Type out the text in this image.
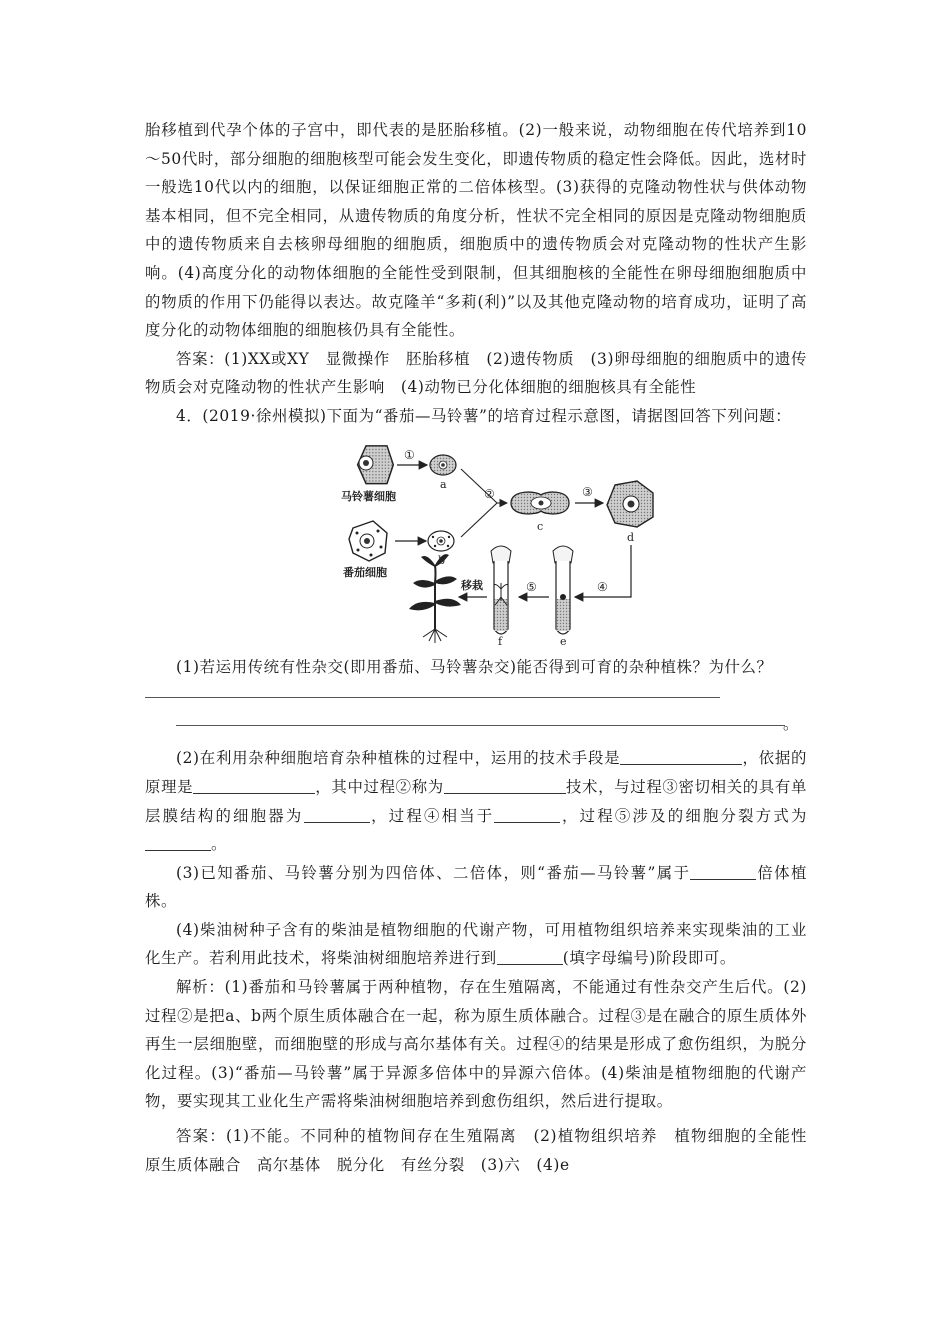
胎移植到代孕个体的子宫中，即代表的是胚胎移植。(2)一般来说，动物细胞在传代培养到10～50代时，部分细胞的细胞核型可能会发生变化，即遗传物质的稳定性会降低。因此，选材时一般选10代以内的细胞，以保证细胞正常的二倍体核型。(3)获得的克隆动物性状与供体动物基本相同，但不完全相同，从遗传物质的角度分析，性状不完全相同的原因是克隆动物细胞质中的遗传物质来自去核卵母细胞的细胞质，细胞质中的遗传物质会对克隆动物的性状产生影响。(4)高度分化的动物体细胞的全能性受到限制，但其细胞核的全能性在卵母细胞细胞质中的物质的作用下仍能得以表达。故克隆羊“多莉(利)”以及其他克隆动物的培育成功，证明了高度分化的动物体细胞的细胞核仍具有全能性。

答案：(1)XX或XY　显微操作　胚胎移植　(2)遗传物质　(3)卵母细胞的细胞质中的遗传物质会对克隆动物的性状产生影响　(4)动物已分化体细胞的细胞核具有全能性

4．(2019·徐州模拟)下面为“番茄—马铃薯”的培育过程示意图，请据图回答下列问题：

马铃薯细胞
①
a
番茄细胞
②
c
③
d
④
e
⑤
f
移栽

(1)若运用传统有性杂交(即用番茄、马铃薯杂交)能否得到可育的杂种植株？为什么？

。

(2)在利用杂种细胞培育杂种植株的过程中，运用的技术手段是	，依据的原理是	，其中过程②称为	技术，与过程③密切相关的具有单层膜结构的细胞器为	，过程④相当于	，过程⑤涉及的细胞分裂方式为。

(3)已知番茄、马铃薯分别为四倍体、二倍体，则“番茄—马铃薯”属于	倍体植株。

(4)柴油树种子含有的柴油是植物细胞的代谢产物，可用植物组织培养来实现柴油的工业化生产。若利用此技术，将柴油树细胞培养进行到	(填字母编号)阶段即可。

解析：(1)番茄和马铃薯属于两种植物，存在生殖隔离，不能通过有性杂交产生后代。(2)过程②是把a、b两个原生质体融合在一起，称为原生质体融合。过程③是在融合的原生质体外再生一层细胞壁，而细胞壁的形成与高尔基体有关。过程④的结果是形成了愈伤组织，为脱分化过程。(3)“番茄—马铃薯”属于异源多倍体中的异源六倍体。(4)柴油是植物细胞的代谢产物，要实现其工业化生产需将柴油树细胞培养到愈伤组织，然后进行提取。

答案：(1)不能。不同种的植物间存在生殖隔离　(2)植物组织培养　植物细胞的全能性　原生质体融合　高尔基体　脱分化　有丝分裂　(3)六　(4)e
